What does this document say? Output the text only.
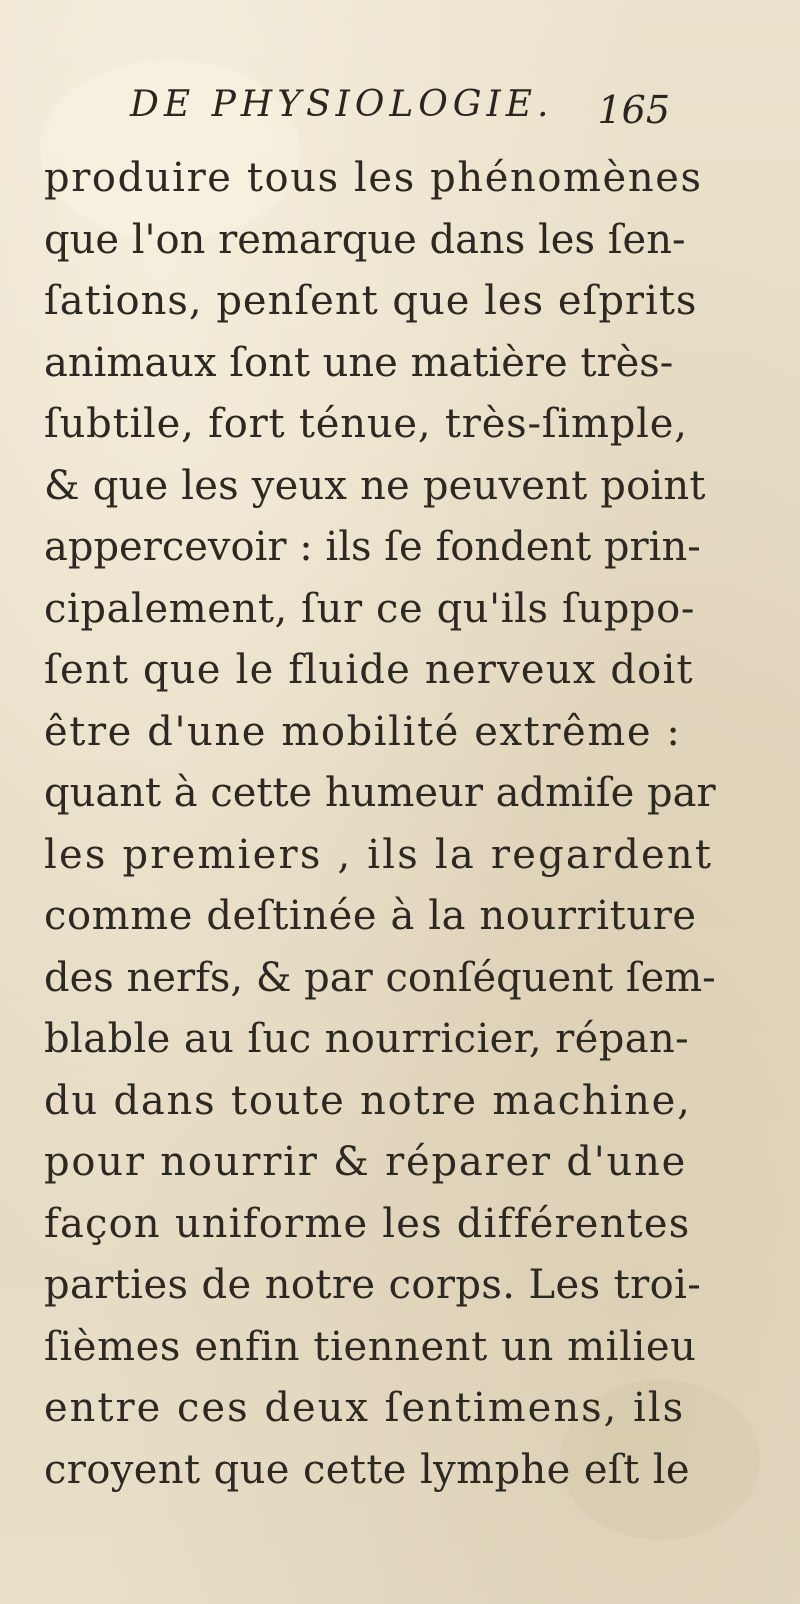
DE PHYSIOLOGIE. 165
produire tous les phénomènes
que l'on remarque dans les ſen-
ſations, penſent que les eſprits
animaux ſont une matière très-
ſubtile, fort ténue, très-ſimple,
& que les yeux ne peuvent point
appercevoir : ils ſe fondent prin-
cipalement, ſur ce qu'ils ſuppo-
ſent que le fluide nerveux doit
être d'une mobilité extrême :
quant à cette humeur admiſe par
les premiers , ils la regardent
comme deſtinée à la nourriture
des nerfs, & par conſéquent ſem-
blable au ſuc nourricier, répan-
du dans toute notre machine,
pour nourrir & réparer d'une
façon uniforme les différentes
parties de notre corps. Les troi-
ſièmes enfin tiennent un milieu
entre ces deux ſentimens, ils
croyent que cette lymphe eſt le
